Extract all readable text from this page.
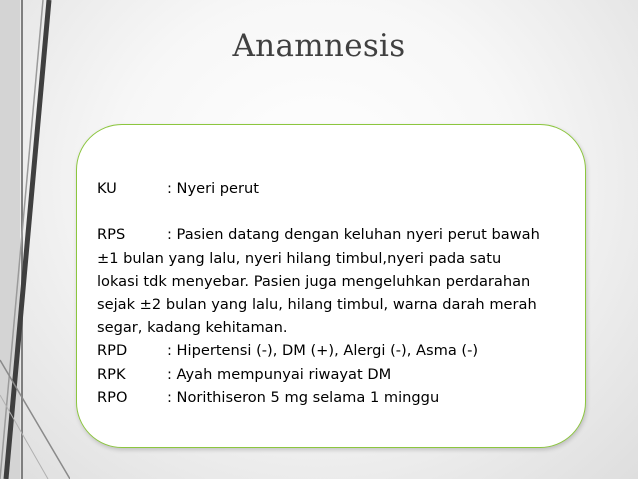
Anamnesis
KU	: Nyeri perut
RPS	: Pasien datang dengan keluhan nyeri perut bawah
±1 bulan yang lalu, nyeri hilang timbul,nyeri pada satu
lokasi tdk menyebar. Pasien juga mengeluhkan perdarahan
sejak ±2 bulan yang lalu, hilang timbul, warna darah merah
segar, kadang kehitaman.
RPD	: Hipertensi (-), DM (+), Alergi (-), Asma (-)
RPK	: Ayah mempunyai riwayat DM
RPO	: Norithiseron 5 mg selama 1 minggu
